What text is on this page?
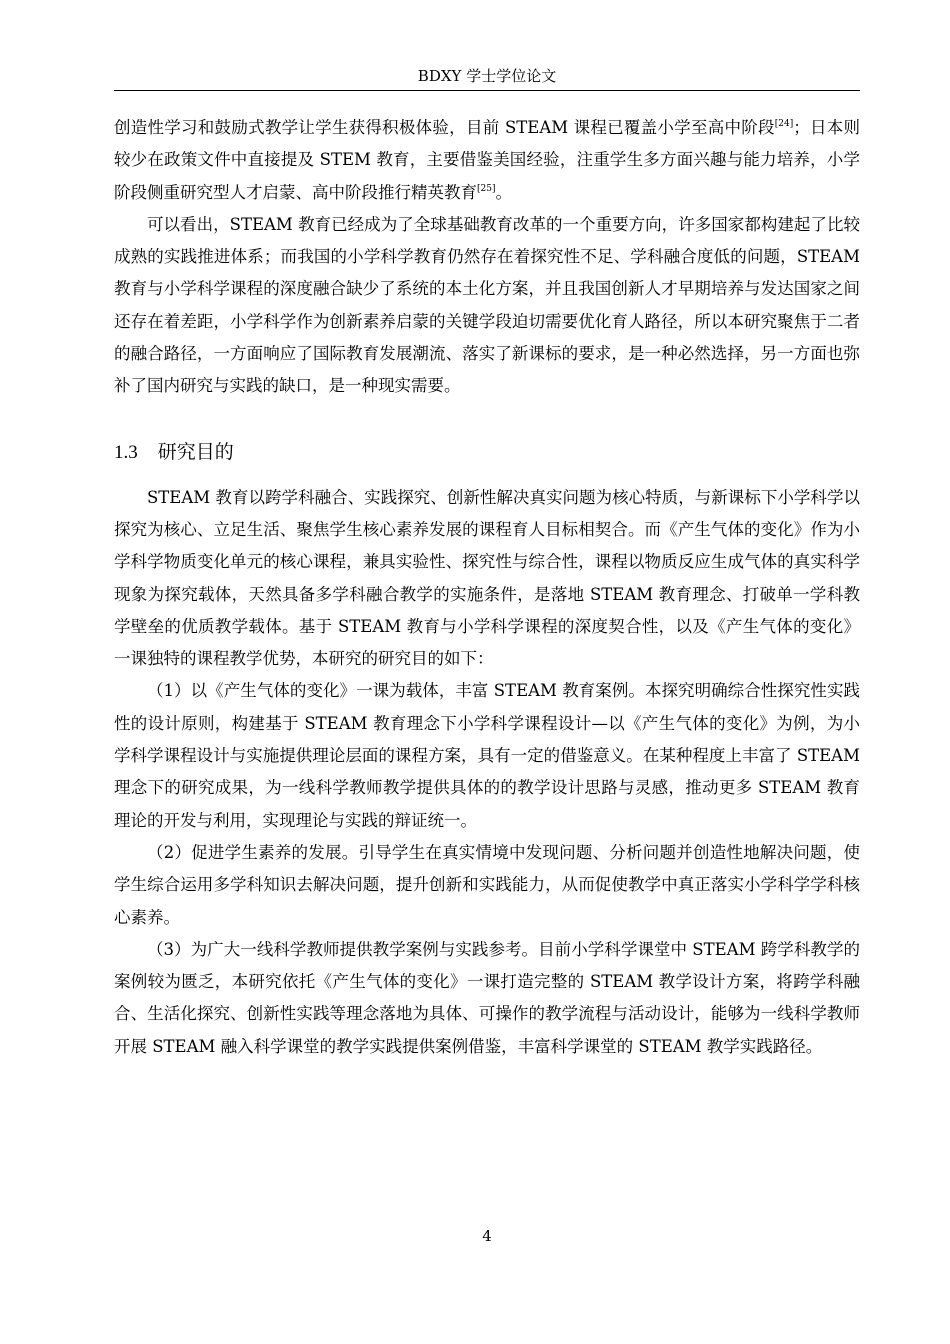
BDXY 学士学位论文

创造性学习和鼓励式教学让学生获得积极体验，目前 STEAM 课程已覆盖小学至高中阶段[24]；日本则较少在政策文件中直接提及 STEM 教育，主要借鉴美国经验，注重学生多方面兴趣与能力培养，小学阶段侧重研究型人才启蒙、高中阶段推行精英教育[25]。

可以看出，STEAM 教育已经成为了全球基础教育改革的一个重要方向，许多国家都构建起了比较成熟的实践推进体系；而我国的小学科学教育仍然存在着探究性不足、学科融合度低的问题，STEAM 教育与小学科学课程的深度融合缺少了系统的本土化方案，并且我国创新人才早期培养与发达国家之间还存在着差距，小学科学作为创新素养启蒙的关键学段迫切需要优化育人路径，所以本研究聚焦于二者的融合路径，一方面响应了国际教育发展潮流、落实了新课标的要求，是一种必然选择，另一方面也弥补了国内研究与实践的缺口，是一种现实需要。

1.3 研究目的

STEAM 教育以跨学科融合、实践探究、创新性解决真实问题为核心特质，与新课标下小学科学以探究为核心、立足生活、聚焦学生核心素养发展的课程育人目标相契合。而《产生气体的变化》作为小学科学物质变化单元的核心课程，兼具实验性、探究性与综合性，课程以物质反应生成气体的真实科学现象为探究载体，天然具备多学科融合教学的实施条件，是落地 STEAM 教育理念、打破单一学科教学壁垒的优质教学载体。基于 STEAM 教育与小学科学课程的深度契合性，以及《产生气体的变化》一课独特的课程教学优势，本研究的研究目的如下：

（1）以《产生气体的变化》一课为载体，丰富 STEAM 教育案例。本探究明确综合性探究性实践性的设计原则，构建基于 STEAM 教育理念下小学科学课程设计—以《产生气体的变化》为例，为小学科学课程设计与实施提供理论层面的课程方案，具有一定的借鉴意义。在某种程度上丰富了 STEAM 理念下的研究成果，为一线科学教师教学提供具体的的教学设计思路与灵感，推动更多 STEAM 教育理论的开发与利用，实现理论与实践的辩证统一。

（2）促进学生素养的发展。引导学生在真实情境中发现问题、分析问题并创造性地解决问题，使学生综合运用多学科知识去解决问题，提升创新和实践能力，从而促使教学中真正落实小学科学学科核心素养。

（3）为广大一线科学教师提供教学案例与实践参考。目前小学科学课堂中 STEAM 跨学科教学的案例较为匮乏，本研究依托《产生气体的变化》一课打造完整的 STEAM 教学设计方案，将跨学科融合、生活化探究、创新性实践等理念落地为具体、可操作的教学流程与活动设计，能够为一线科学教师开展 STEAM 融入科学课堂的教学实践提供案例借鉴，丰富科学课堂的 STEAM 教学实践路径。

4
